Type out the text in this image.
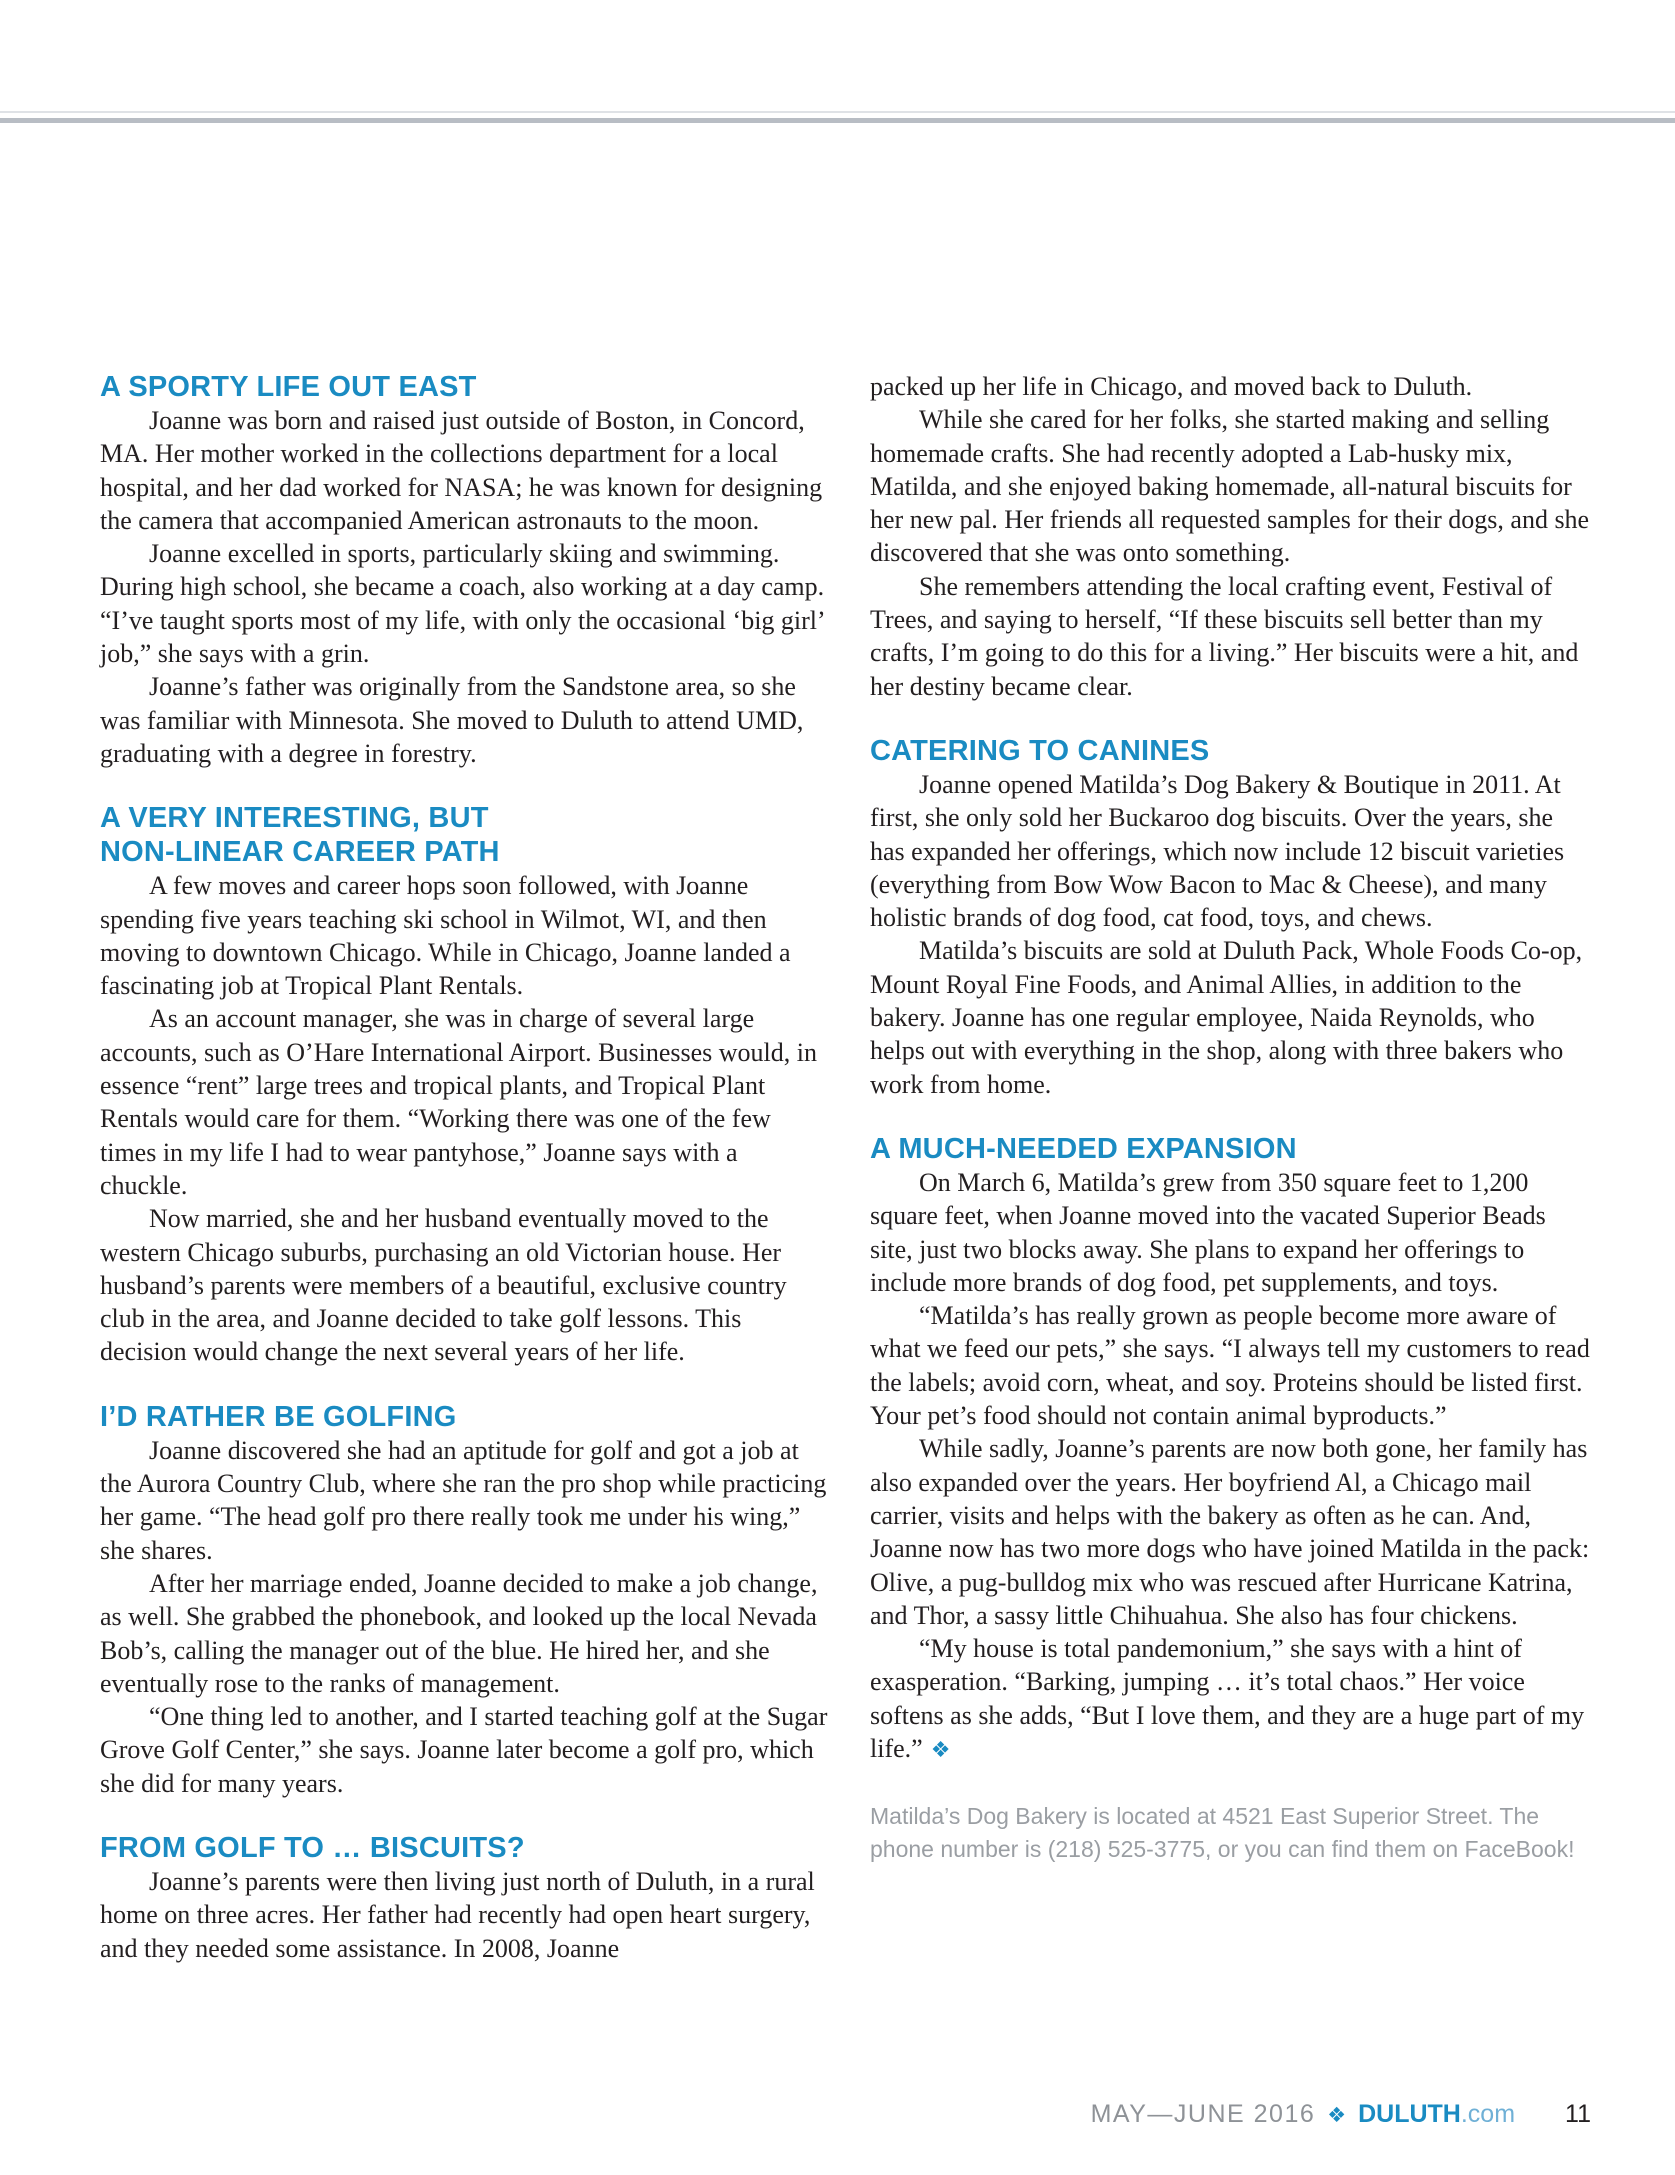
A SPORTY LIFE OUT EAST

Joanne was born and raised just outside of Boston, in Concord, MA. Her mother worked in the collections department for a local hospital, and her dad worked for NASA; he was known for designing the camera that accompanied American astronauts to the moon.

Joanne excelled in sports, particularly skiing and swimming. During high school, she became a coach, also working at a day camp. “I’ve taught sports most of my life, with only the occasional ‘big girl’ job,” she says with a grin.

Joanne’s father was originally from the Sandstone area, so she was familiar with Minnesota. She moved to Duluth to attend UMD, graduating with a degree in forestry.

A VERY INTERESTING, BUT
NON-LINEAR CAREER PATH

A few moves and career hops soon followed, with Joanne spending five years teaching ski school in Wilmot, WI, and then moving to downtown Chicago. While in Chicago, Joanne landed a fascinating job at Tropical Plant Rentals.

As an account manager, she was in charge of several large accounts, such as O’Hare International Airport. Businesses would, in essence “rent” large trees and tropical plants, and Tropical Plant Rentals would care for them. “Working there was one of the few times in my life I had to wear pantyhose,” Joanne says with a chuckle.

Now married, she and her husband eventually moved to the western Chicago suburbs, purchasing an old Victorian house. Her husband’s parents were members of a beautiful, exclusive country club in the area, and Joanne decided to take golf lessons. This decision would change the next several years of her life.

I’D RATHER BE GOLFING

Joanne discovered she had an aptitude for golf and got a job at the Aurora Country Club, where she ran the pro shop while practicing her game. “The head golf pro there really took me under his wing,” she shares.

After her marriage ended, Joanne decided to make a job change, as well. She grabbed the phonebook, and looked up the local Nevada Bob’s, calling the manager out of the blue. He hired her, and she eventually rose to the ranks of management.

“One thing led to another, and I started teaching golf at the Sugar Grove Golf Center,” she says. Joanne later become a golf pro, which she did for many years.

FROM GOLF TO … BISCUITS?

Joanne’s parents were then living just north of Duluth, in a rural home on three acres. Her father had recently had open heart surgery, and they needed some assistance. In 2008, Joanne

packed up her life in Chicago, and moved back to Duluth.

While she cared for her folks, she started making and selling homemade crafts. She had recently adopted a Lab-husky mix, Matilda, and she enjoyed baking homemade, all-natural biscuits for her new pal. Her friends all requested samples for their dogs, and she discovered that she was onto something.

She remembers attending the local crafting event, Festival of Trees, and saying to herself, “If these biscuits sell better than my crafts, I’m going to do this for a living.” Her biscuits were a hit, and her destiny became clear.

CATERING TO CANINES

Joanne opened Matilda’s Dog Bakery & Boutique in 2011. At first, she only sold her Buckaroo dog biscuits. Over the years, she has expanded her offerings, which now include 12 biscuit varieties (everything from Bow Wow Bacon to Mac & Cheese), and many holistic brands of dog food, cat food, toys, and chews.

Matilda’s biscuits are sold at Duluth Pack, Whole Foods Co-op, Mount Royal Fine Foods, and Animal Allies, in addition to the bakery. Joanne has one regular employee, Naida Reynolds, who helps out with everything in the shop, along with three bakers who work from home.

A MUCH-NEEDED EXPANSION

On March 6, Matilda’s grew from 350 square feet to 1,200 square feet, when Joanne moved into the vacated Superior Beads site, just two blocks away. She plans to expand her offerings to include more brands of dog food, pet supplements, and toys.

“Matilda’s has really grown as people become more aware of what we feed our pets,” she says. “I always tell my customers to read the labels; avoid corn, wheat, and soy. Proteins should be listed first. Your pet’s food should not contain animal byproducts.”

While sadly, Joanne’s parents are now both gone, her family has also expanded over the years. Her boyfriend Al, a Chicago mail carrier, visits and helps with the bakery as often as he can. And, Joanne now has two more dogs who have joined Matilda in the pack: Olive, a pug-bulldog mix who was rescued after Hurricane Katrina, and Thor, a sassy little Chihuahua. She also has four chickens.

“My house is total pandemonium,” she says with a hint of exasperation. “Barking, jumping … it’s total chaos.” Her voice softens as she adds, “But I love them, and they are a huge part of my life.” ❖

Matilda’s Dog Bakery is located at 4521 East Superior Street. The phone number is (218) 525-3775, or you can find them on FaceBook!
MAY—JUNE 2016 ❖ DULUTH .com 11
